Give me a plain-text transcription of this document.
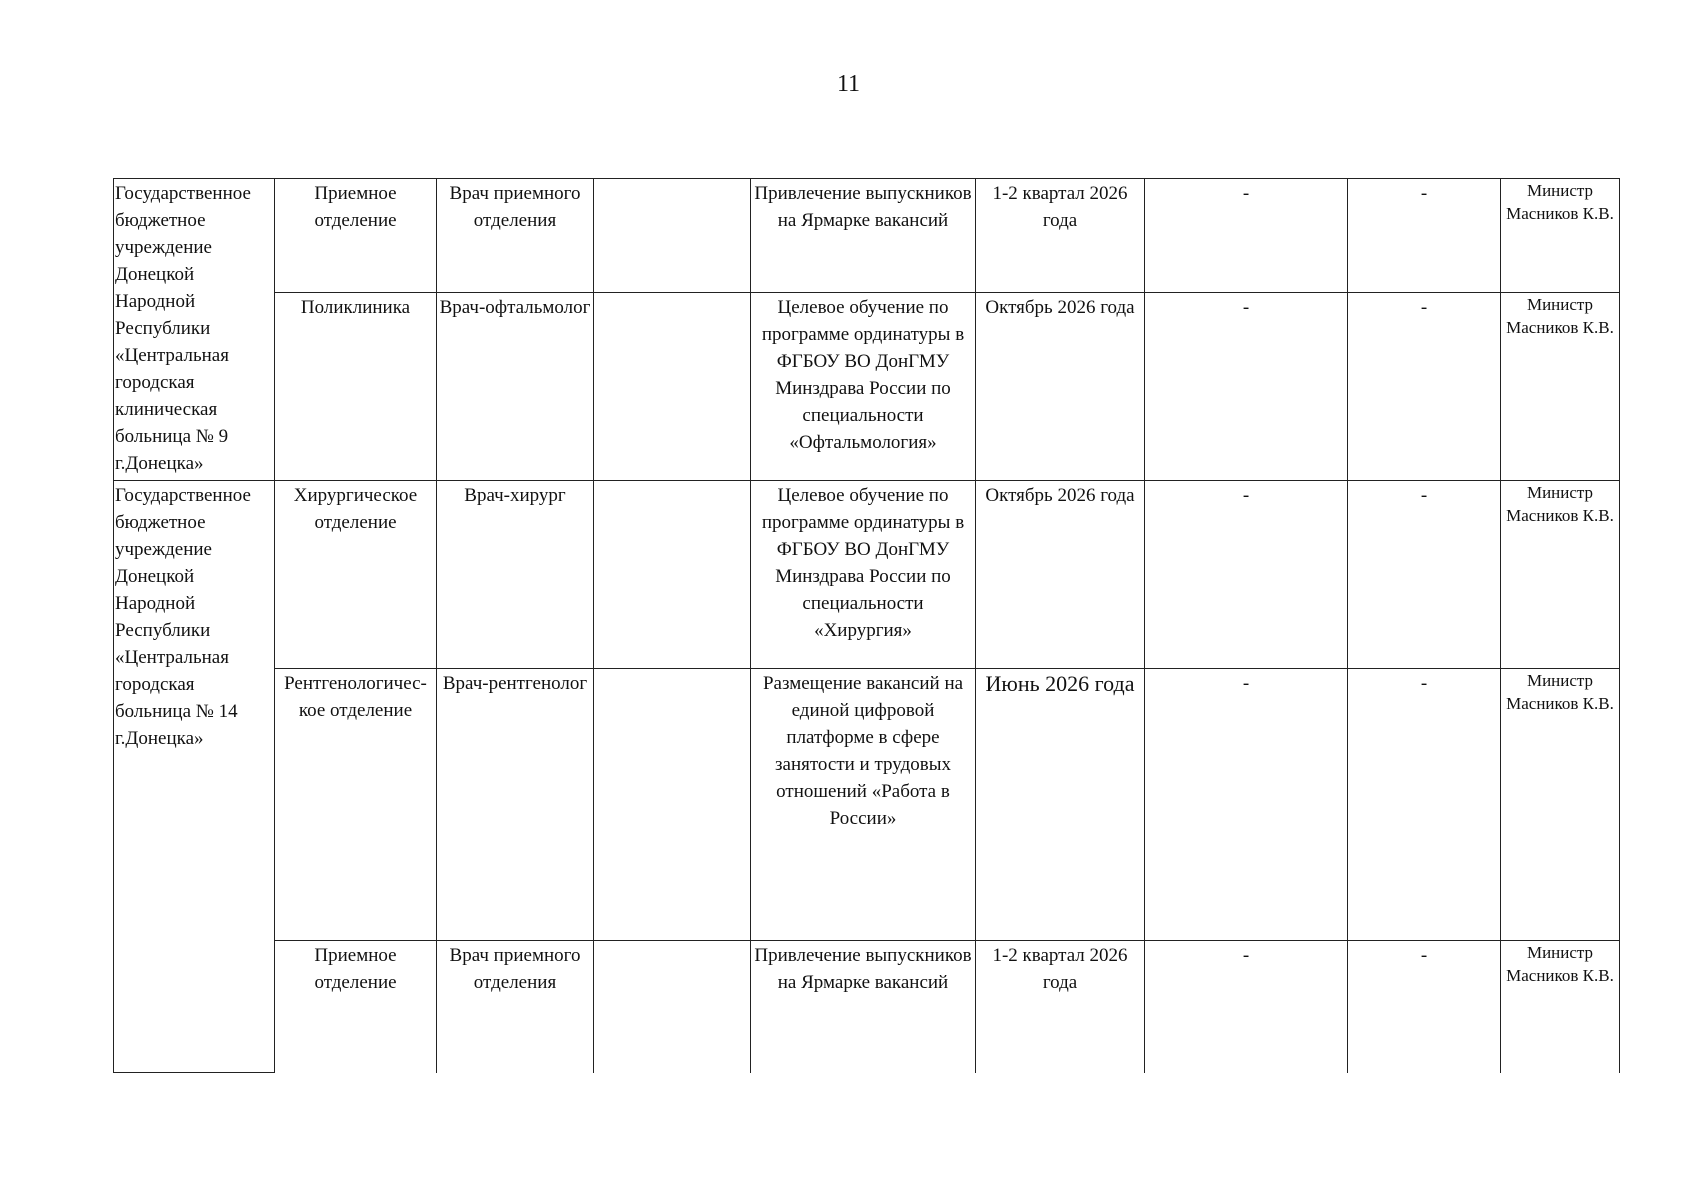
11
Государственное бюджетное учреждение Донецкой Народной Республики «Центральная городская клиническая больница № 9 г.Донецка»	Приемное отделение	Врач приемного отделения		Привлечение выпускников на Ярмарке вакансий	1-2 квартал 2026 года	-	-	Министр Масников К.В.
	Поликлиника	Врач-офтальмолог		Целевое обучение по программе ординатуры в ФГБОУ ВО ДонГМУ Минздрава России по специальности «Офтальмология»	Октябрь 2026 года	-	-	Министр Масников К.В.
Государственное бюджетное учреждение Донецкой Народной Республики «Центральная городская больница № 14 г.Донецка»	Хирургическое отделение	Врач-хирург		Целевое обучение по программе ординатуры в ФГБОУ ВО ДонГМУ Минздрава России по специальности «Хирургия»	Октябрь 2026 года	-	-	Министр Масников К.В.
	Рентгенологичес-кое отделение	Врач-рентгенолог		Размещение вакансий на единой цифровой платформе в сфере занятости и трудовых отношений «Работа в России»	Июнь 2026 года	-	-	Министр Масников К.В.
	Приемное отделение	Врач приемного отделения		Привлечение выпускников на Ярмарке вакансий	1-2 квартал 2026 года	-	-	Министр Масников К.В.
